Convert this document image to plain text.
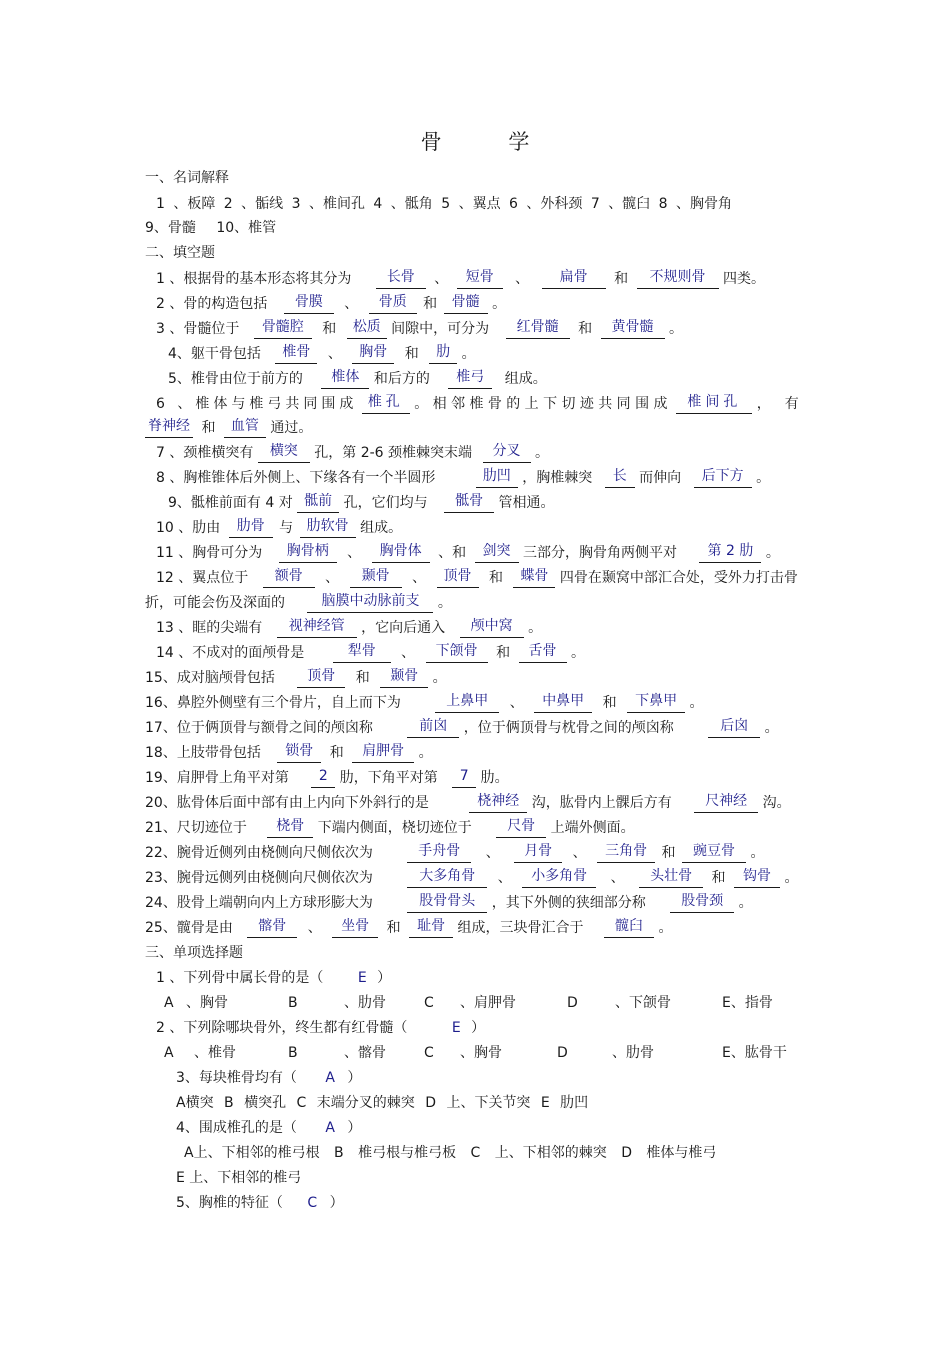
骨 学
一、名词解释
1 、板障 2 、骺线 3 、椎间孔 4 、骶角 5 、翼点 6 、外科颈 7 、髋臼 8 、胸骨角
9、骨髓 10、椎管
二、填空题
1 、根据骨的基本形态将其分为	长骨 、 短骨 、 扁骨 和 不规则骨 四类。
2 、骨的构造包括 骨膜 、 骨质 和 骨髓 。
3 、骨髓位于 骨髓腔 和 松质 间隙中，可分为 红骨髓 和 黄骨髓 。
4、躯干骨包括 椎骨 、 胸骨 和 肋 。
5、椎骨由位于前方的 椎体 和后方的 椎弓 组成。
6 、椎体与椎弓共同围成 椎孔 。相邻椎骨的上下切迹共同围成 椎间孔 ，有
脊神经 和 血管 通过。
7 、颈椎横突有 横突 孔，第 2-6 颈椎棘突末端 分叉 。
8 、胸椎锥体后外侧上、下缘各有一个半圆形	肋凹 ，胸椎棘突 长 而伸向 后下方 。
9、骶椎前面有 4 对 骶前 孔，它们均与 骶骨 管相通。
10 、肋由 肋骨 与 肋软骨 组成。
11 、胸骨可分为 胸骨柄 、 胸骨体 、和 剑突 三部分，胸骨角两侧平对 第 2 肋 。
12 、翼点位于 额骨 、 颞骨 、 顶骨 和 蝶骨 四骨在颞窝中部汇合处，受外力打击骨
折，可能会伤及深面的	脑膜中动脉前支 。
13 、眶的尖端有 视神经管 ，它向后通入 颅中窝 。
14 、不成对的面颅骨是	犁骨 、 下颌骨 和 舌骨 。
15、成对脑颅骨包括 顶骨 和 颞骨 。
16、鼻腔外侧壁有三个骨片，自上而下为	上鼻甲 、 中鼻甲 和 下鼻甲 。
17、位于俩顶骨与额骨之间的颅囟称	前囟 ，位于俩顶骨与枕骨之间的颅囟称	后囟 。
18、上肢带骨包括 锁骨 和 肩胛骨 。
19、肩胛骨上角平对第 2 肋，下角平对第 7 肋。
20、肱骨体后面中部有由上内向下外斜行的是	桡神经 沟，肱骨内上髁后方有 尺神经 沟。
21、尺切迹位于 桡骨 下端内侧面，桡切迹位于	尺骨 上端外侧面。
22、腕骨近侧列由桡侧向尺侧依次为	手舟骨 、 月骨 、 三角骨 和 豌豆骨 。
23、腕骨远侧列由桡侧向尺侧依次为	大多角骨 、 小多角骨 、 头壮骨 和 钩骨 。
24、股骨上端朝向内上方球形膨大为	股骨骨头 ，其下外侧的狭细部分称	股骨颈 。
25、髋骨是由 髂骨 、 坐骨 和 耻骨 组成，三块骨汇合于 髋臼 。
三、单项选择题
1 、下列骨中属长骨的是（ E ）
A 、胸骨	B	、肋骨	C 、肩胛骨	D	、下颌骨	E、指骨
2 、下列除哪块骨外，终生都有红骨髓（	E ）
A 、椎骨	B	、髂骨	C 、胸骨	D	、肋骨	E、肱骨干
3、每块椎骨均有（ A ）
A横突 B 横突孔 C 末端分叉的棘突 D 上、下关节突 E 肋凹
4、围成椎孔的是（ A ）
A上、下相邻的椎弓根 B 椎弓根与椎弓板 C 上、下相邻的棘突 D 椎体与椎弓
E 上、下相邻的椎弓
5、胸椎的特征（ C ）
